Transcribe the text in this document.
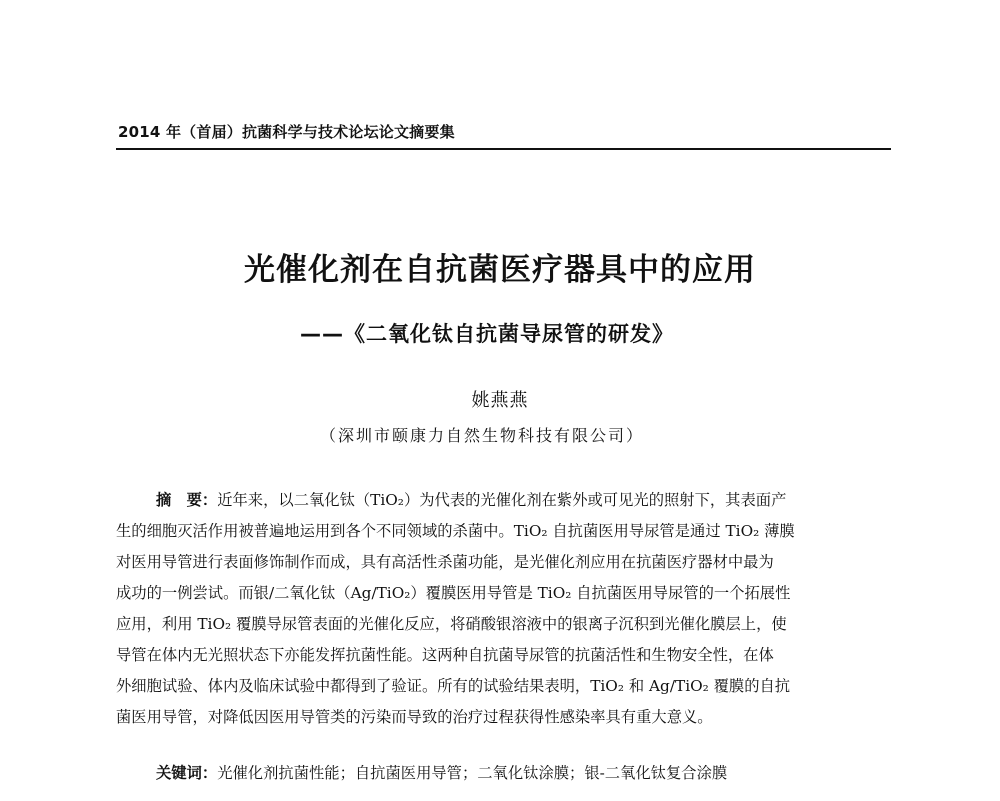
2014 年（首届）抗菌科学与技术论坛论文摘要集
光催化剂在自抗菌医疗器具中的应用
——《二氧化钛自抗菌导尿管的研发》
姚燕燕
（深圳市颐康力自然生物科技有限公司）
摘　要：近年来，以二氧化钛（TiO₂）为代表的光催化剂在紫外或可见光的照射下，其表面产
生的细胞灭活作用被普遍地运用到各个不同领域的杀菌中。TiO₂ 自抗菌医用导尿管是通过 TiO₂ 薄膜
对医用导管进行表面修饰制作而成，具有高活性杀菌功能，是光催化剂应用在抗菌医疗器材中最为
成功的一例尝试。而银/二氧化钛（Ag/TiO₂）覆膜医用导管是 TiO₂ 自抗菌医用导尿管的一个拓展性
应用，利用 TiO₂ 覆膜导尿管表面的光催化反应，将硝酸银溶液中的银离子沉积到光催化膜层上，使
导管在体内无光照状态下亦能发挥抗菌性能。这两种自抗菌导尿管的抗菌活性和生物安全性，在体
外细胞试验、体内及临床试验中都得到了验证。所有的试验结果表明，TiO₂ 和 Ag/TiO₂ 覆膜的自抗
菌医用导管，对降低因医用导管类的污染而导致的治疗过程获得性感染率具有重大意义。
关键词：光催化剂抗菌性能；自抗菌医用导管；二氧化钛涂膜；银-二氧化钛复合涂膜
